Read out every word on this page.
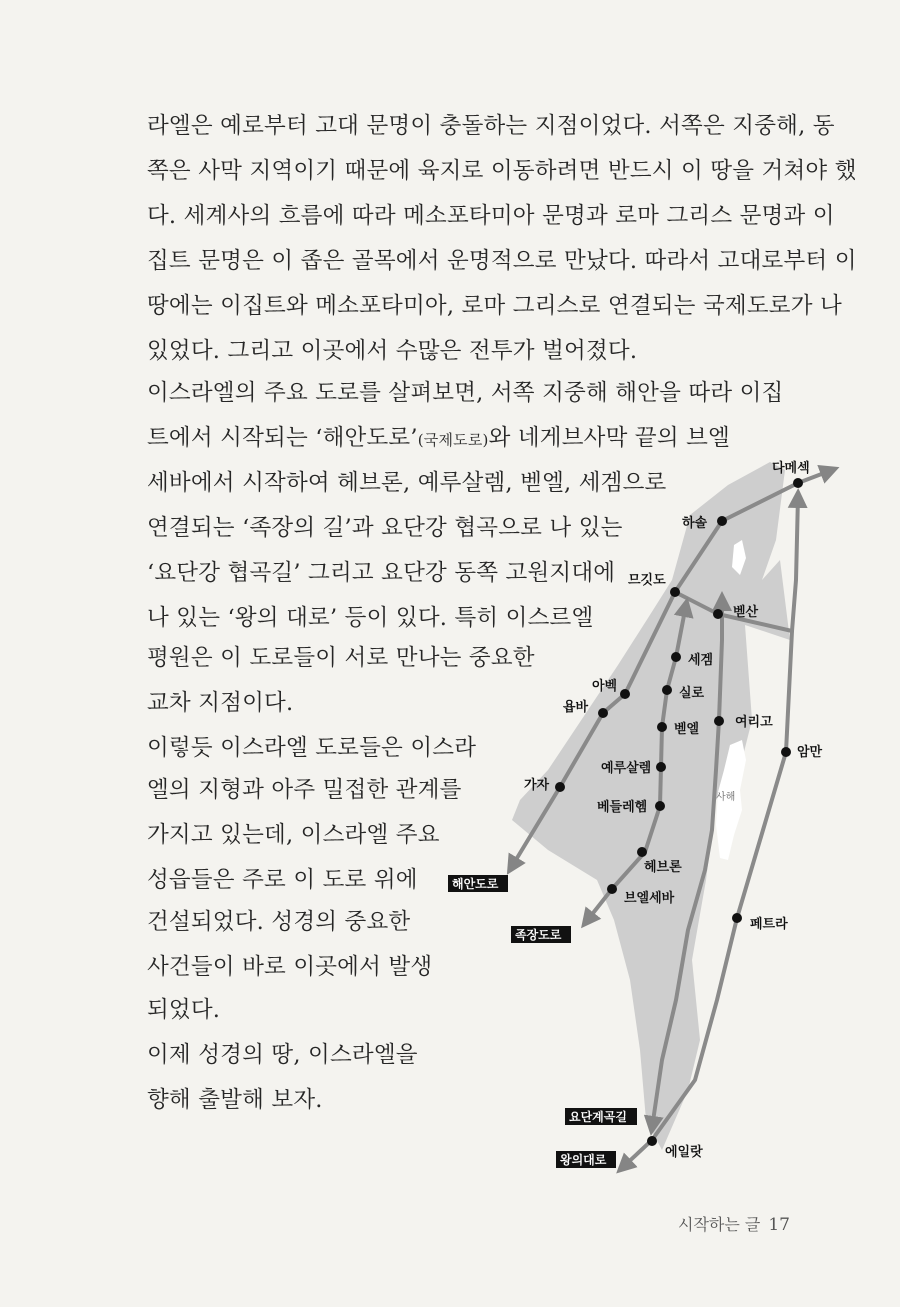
사해
다메섹
하솔
므깃도
벧산
세겜
아벡
욥바
실로
벧엘	여리고
암만
예루살렘
가자
베들레헴
헤브론
브엘세바
페트라
에일랏
해안도로
족장도로
요단계곡길
왕의대로

라엘은 예로부터 고대 문명이 충돌하는 지점이었다. 서쪽은 지중해, 동

쪽은 사막 지역이기 때문에 육지로 이동하려면 반드시 이 땅을 거쳐야 했

다. 세계사의 흐름에 따라 메소포타미아 문명과 로마 그리스 문명과 이

집트 문명은 이 좁은 골목에서 운명적으로 만났다. 따라서 고대로부터 이

땅에는 이집트와 메소포타미아, 로마 그리스로 연결되는 국제도로가 나

있었다. 그리고 이곳에서 수많은 전투가 벌어졌다.

이스라엘의 주요 도로를 살펴보면, 서쪽 지중해 해안을 따라 이집

트에서 시작되는 ‘해안도로’(국제도로)와 네게브사막 끝의 브엘

세바에서 시작하여 헤브론, 예루살렘, 벧엘, 세겜으로

연결되는 ‘족장의 길’과 요단강 협곡으로 나 있는

‘요단강 협곡길’ 그리고 요단강 동쪽 고원지대에

나 있는 ‘왕의 대로’ 등이 있다. 특히 이스르엘

평원은 이 도로들이 서로 만나는 중요한

교차 지점이다.

이렇듯 이스라엘 도로들은 이스라

엘의 지형과 아주 밀접한 관계를

가지고 있는데, 이스라엘 주요

성읍들은 주로 이 도로 위에

건설되었다. 성경의 중요한

사건들이 바로 이곳에서 발생

되었다.

이제 성경의 땅, 이스라엘을

향해 출발해 보자.

시작하는 글 17
